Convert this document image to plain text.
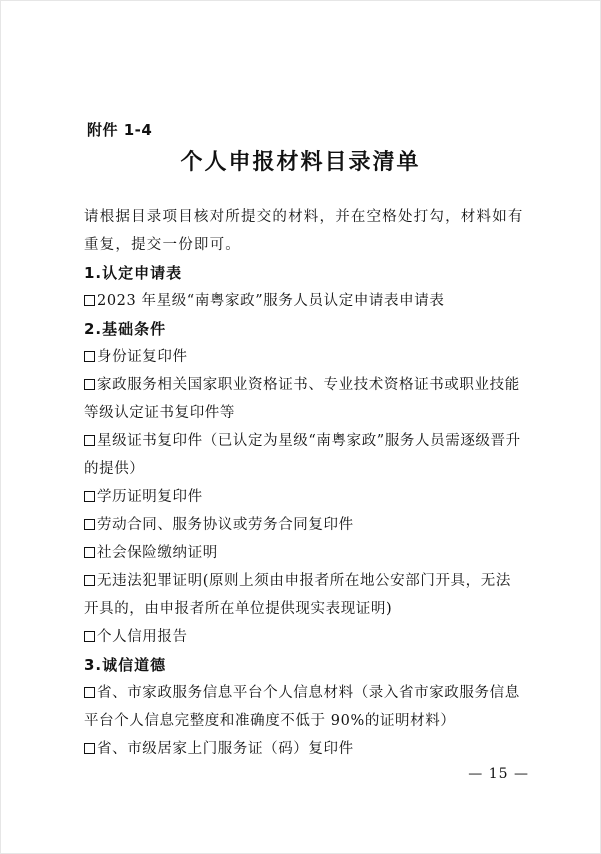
附件 1-4
个人申报材料目录清单
请根据目录项目核对所提交的材料，并在空格处打勾，材料如有重复，提交一份即可。
1.认定申请表
2023 年星级“南粤家政”服务人员认定申请表申请表
2.基础条件
身份证复印件
家政服务相关国家职业资格证书、专业技术资格证书或职业技能等级认定证书复印件等
星级证书复印件（已认定为星级“南粤家政”服务人员需逐级晋升的提供）
学历证明复印件
劳动合同、服务协议或劳务合同复印件
社会保险缴纳证明
无违法犯罪证明(原则上须由申报者所在地公安部门开具，无法开具的，由申报者所在单位提供现实表现证明)
个人信用报告
3.诚信道德
省、市家政服务信息平台个人信息材料（录入省市家政服务信息平台个人信息完整度和准确度不低于 90%的证明材料）
省、市级居家上门服务证（码）复印件
— 15 —
